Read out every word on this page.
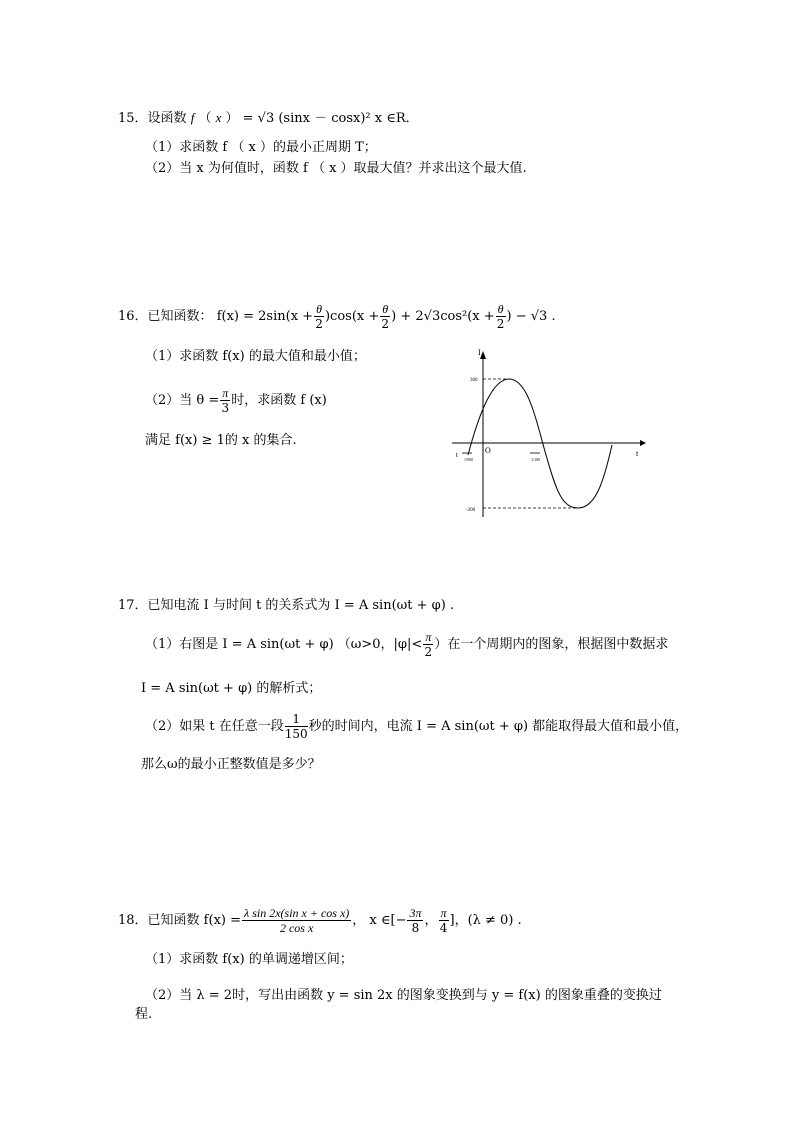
15．设函数 f （ x ） = √3 (sinx － cosx)² x ∈R．
（1）求函数 f （ x ）的最小正周期 T；
（2）当 x 为何值时，函数 f （ x ）取最大值？并求出这个最大值.
16．已知函数： $f(x) = 2\sin(x + \frac{\theta}{2} )\cos(x + \frac{\theta}{2}$ ) + $2√3\cos^2(x + \frac{\theta}{2}$ ) − √3 .
（1）求函数 f(x) 的最大值和最小值；
（2）当 $\theta = \frac{\pi}{3}$ 时，求函数 f (x)
满足 f(x) ≥ 1的 x 的集合.
I
t
O
300
-300
t
1/900	1/180
17．已知电流 I 与时间 t 的关系式为 I = A sin(ωt + φ) .
（1）右图是 I = A sin(ωt + φ) （ω>0，$|\varphi|< \frac{\pi}{2}$ ）在一个周期内的图象，根据图中数据求
I = A sin(ωt + φ) 的解析式；
（2）如果 t 在任意一段 $\frac{1}{150}$ 秒的时间内，电流 I = A sin(ωt + φ) 都能取得最大值和最小值，
那么ω的最小正整数值是多少？
18．已知函数 $f(x) = \frac{\text{λ sin 2x(sin x + cos x)}}{\text{2 cos x}}$ ， x ∈[− $\frac{3\pi}{8}$ ， $\frac{\pi}{4}$ ]，(λ ≠ 0) .
（1）求函数 f(x) 的单调递增区间；
（2）当 λ = 2时，写出由函数 y = sin 2x 的图象变换到与 y = f(x) 的图象重叠的变换过
程.
